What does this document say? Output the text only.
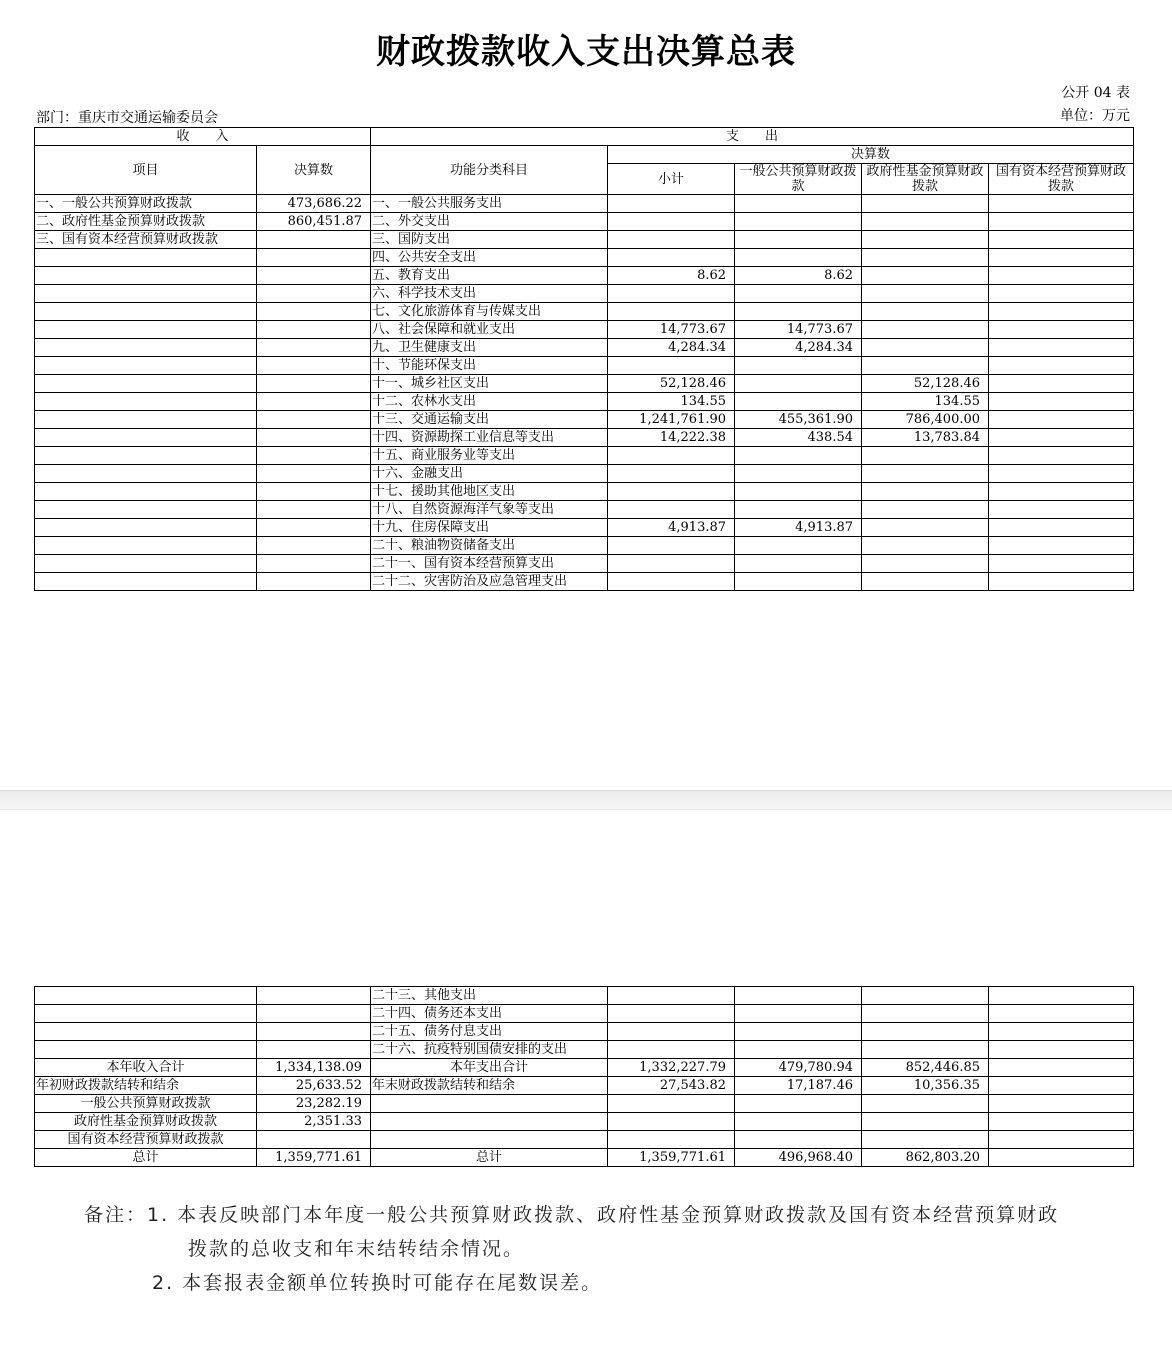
财政拨款收入支出决算总表
公开 04 表
部门：重庆市交通运输委员会	单位：万元
收　　入		支　　出				
项目	决算数	功能分类科目	决算数			
			小计	一般公共预算财政拨款	政府性基金预算财政拨款	国有资本经营预算财政拨款

一、一般公共预算财政拨款	473,686.22	一、一般公共服务支出				
二、政府性基金预算财政拨款	860,451.87	二、外交支出				
三、国有资本经营预算财政拨款		三、国防支出				
		四、公共安全支出				
		五、教育支出	8.62	8.62		
		六、科学技术支出				
		七、文化旅游体育与传媒支出				
		八、社会保障和就业支出	14,773.67	14,773.67		
		九、卫生健康支出	4,284.34	4,284.34		
		十、节能环保支出				
		十一、城乡社区支出	52,128.46		52,128.46	
		十二、农林水支出	134.55		134.55	
		十三、交通运输支出	1,241,761.90	455,361.90	786,400.00	
		十四、资源勘探工业信息等支出	14,222.38	438.54	13,783.84	
		十五、商业服务业等支出				
		十六、金融支出				
		十七、援助其他地区支出				
		十八、自然资源海洋气象等支出				
		十九、住房保障支出	4,913.87	4,913.87		
		二十、粮油物资储备支出				
		二十一、国有资本经营预算支出				
		二十二、灾害防治及应急管理支出				
		二十三、其他支出				
		二十四、债务还本支出				
		二十五、债务付息支出				
		二十六、抗疫特别国债安排的支出				
本年收入合计	1,334,138.09	本年支出合计	1,332,227.79	479,780.94	852,446.85	
年初财政拨款结转和结余	25,633.52	年末财政拨款结转和结余	27,543.82	17,187.46	10,356.35	
一般公共预算财政拨款	23,282.19					
政府性基金预算财政拨款	2,351.33					
国有资本经营预算财政拨款						
总计	1,359,771.61	总计	1,359,771.61	496,968.40	862,803.20	
备注：1. 本表反映部门本年度一般公共预算财政拨款、政府性基金预算财政拨款及国有资本经营预算财政
拨款的总收支和年末结转结余情况。
2. 本套报表金额单位转换时可能存在尾数误差。
